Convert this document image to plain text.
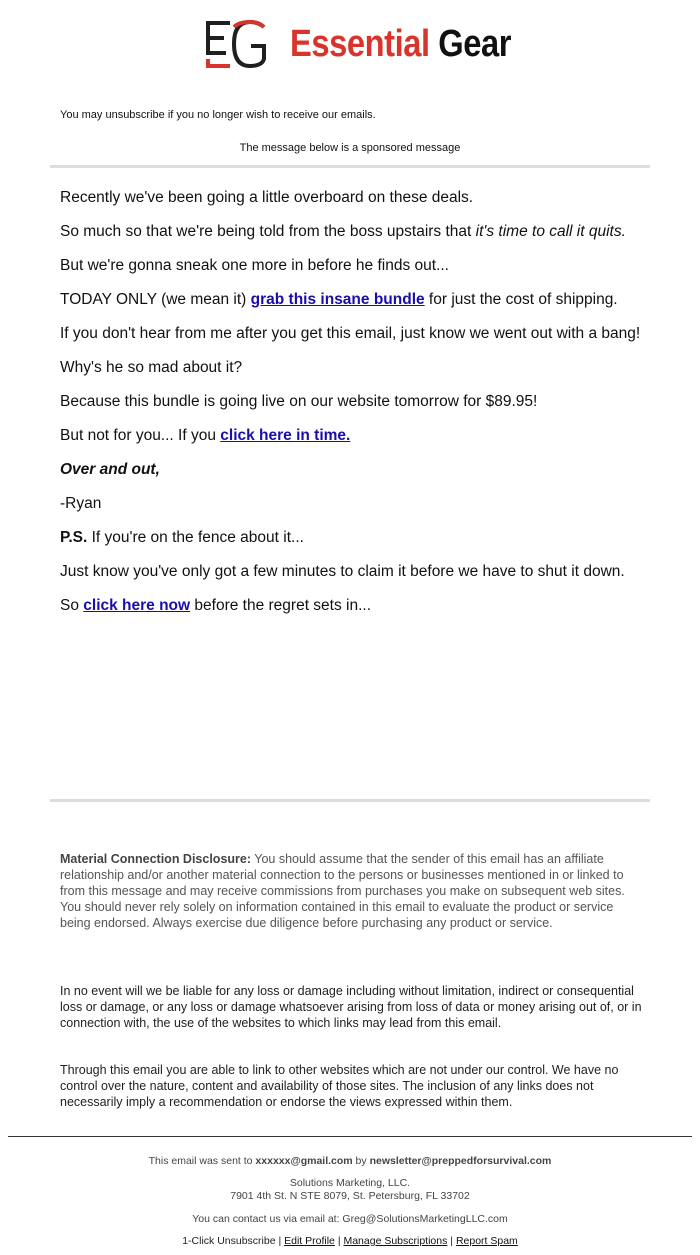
Essential Gear
You may unsubscribe if you no longer wish to receive our emails.
The message below is a sponsored message

Recently we've been going a little overboard on these deals.

So much so that we're being told from the boss upstairs that it's time to call it quits.

But we're gonna sneak one more in before he finds out...

TODAY ONLY (we mean it) grab this insane bundle for just the cost of shipping.

If you don't hear from me after you get this email, just know we went out with a bang!

Why's he so mad about it?

Because this bundle is going live on our website tomorrow for $89.95!

But not for you... If you click here in time.

Over and out,

-Ryan

P.S. If you're on the fence about it...

Just know you've only got a few minutes to claim it before we have to shut it down.

So click here now before the regret sets in...

Material Connection Disclosure: You should assume that the sender of this email has an affiliate relationship and/or another material connection to the persons or businesses mentioned in or linked to from this message and may receive commissions from purchases you make on subsequent web sites. You should never rely solely on information contained in this email to evaluate the product or service being endorsed. Always exercise due diligence before purchasing any product or service.
In no event will we be liable for any loss or damage including without limitation, indirect or consequential loss or damage, or any loss or damage whatsoever arising from loss of data or money arising out of, or in connection with, the use of the websites to which links may lead from this email.
Through this email you are able to link to other websites which are not under our control. We have no control over the nature, content and availability of those sites. The inclusion of any links does not necessarily imply a recommendation or endorse the views expressed within them.
This email was sent to xxxxxx@gmail.com by newsletter@preppedforsurvival.com
Solutions Marketing, LLC.
7901 4th St. N STE 8079, St. Petersburg, FL 33702
You can contact us via email at: Greg@SolutionsMarketingLLC.com
1-Click Unsubscribe | Edit Profile | Manage Subscriptions | Report Spam
